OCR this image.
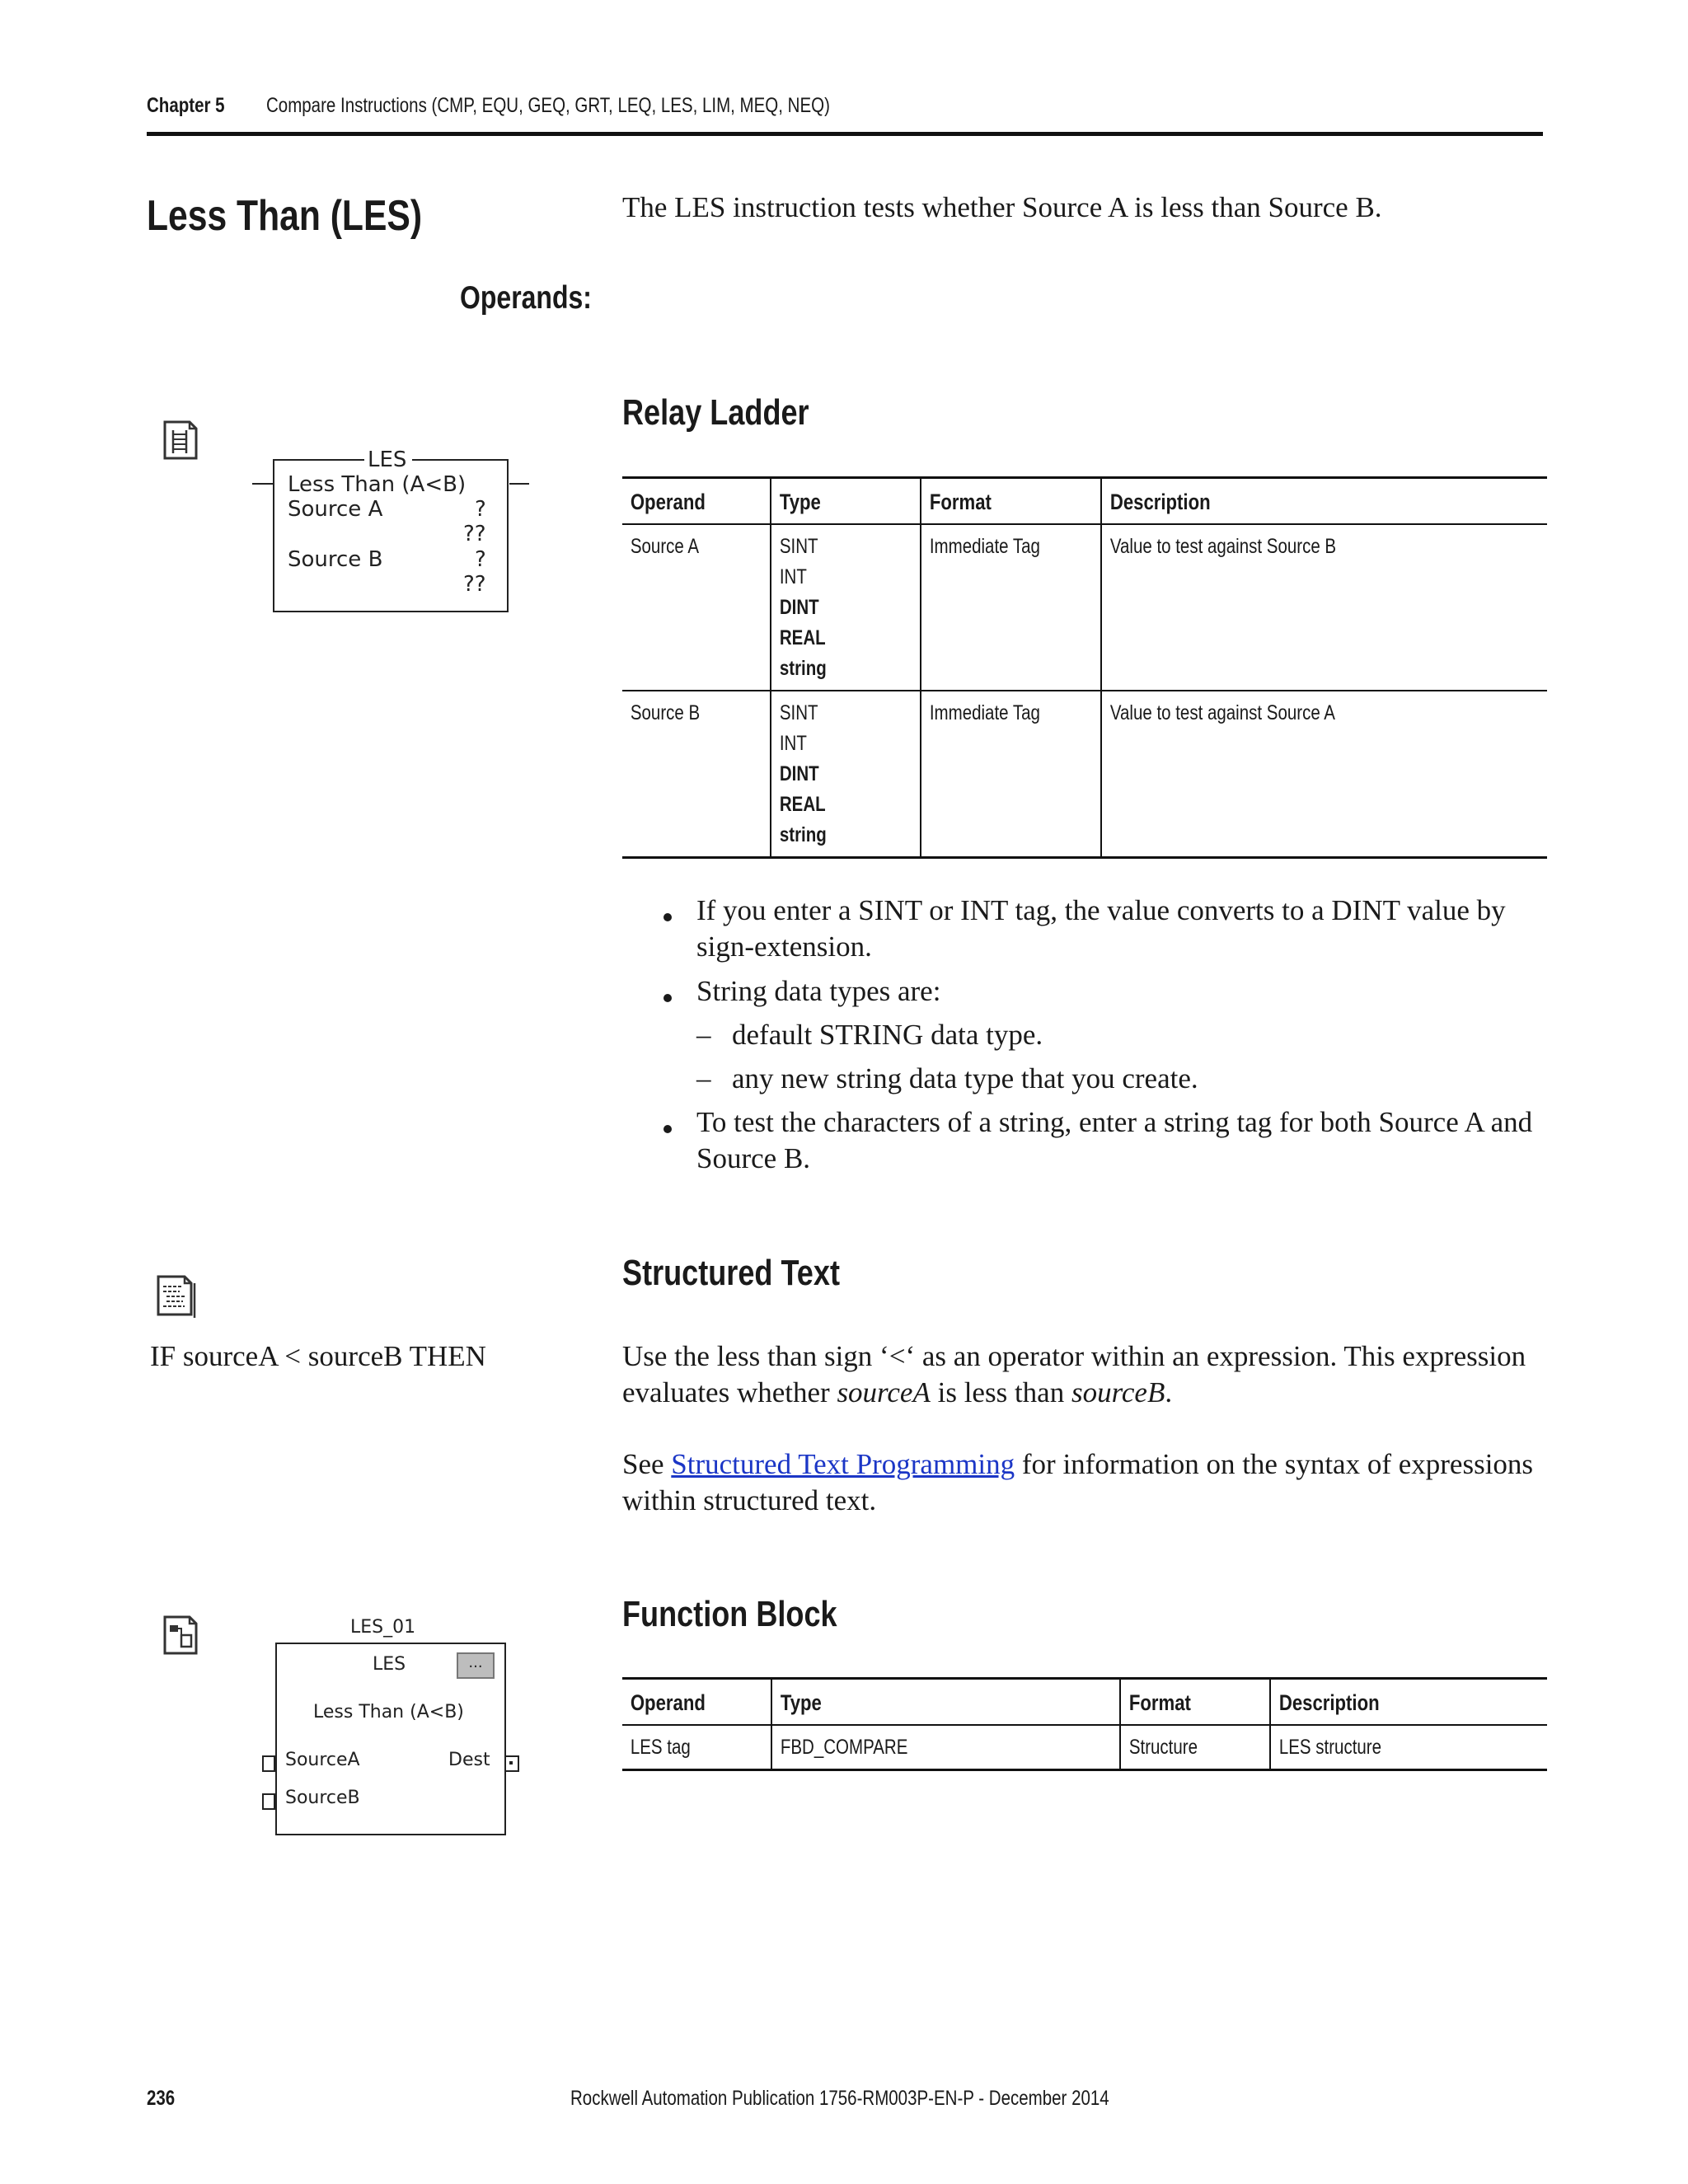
Chapter 5 Compare Instructions (CMP, EQU, GEQ, GRT, LEQ, LES, LIM, MEQ, NEQ)
Less Than (LES)	The LES instruction tests whether Source A is less than Source B.
Operands:
LES
Less Than (A<B)
Source A	?
??
Source B	?
??
Relay Ladder
Operand	Type	Format	Description
Source A	SINT
INT
DINT
REAL
string	Immediate Tag	Value to test against Source B
Source B	SINT
INT
DINT
REAL
string	Immediate Tag	Value to test against Source A
If you enter a SINT or INT tag, the value converts to a DINT value by
sign-extension.
String data types are:
– default STRING data type.
– any new string data type that you create.
To test the characters of a string, enter a string tag for both Source A and
Source B.
Structured Text
IF sourceA < sourceB THEN	Use the less than sign ‘<‘ as an operator within an expression. This expression
evaluates whether sourceA is less than sourceB.
See Structured Text Programming for information on the syntax of expressions
within structured text.
LES_01
LES	...
Less Than (A<B)
SourceA	Dest
SourceB
Function Block
Operand	Type	Format	Description
LES tag	FBD_COMPARE	Structure	LES structure
236	Rockwell Automation Publication 1756-RM003P-EN-P - December 2014
